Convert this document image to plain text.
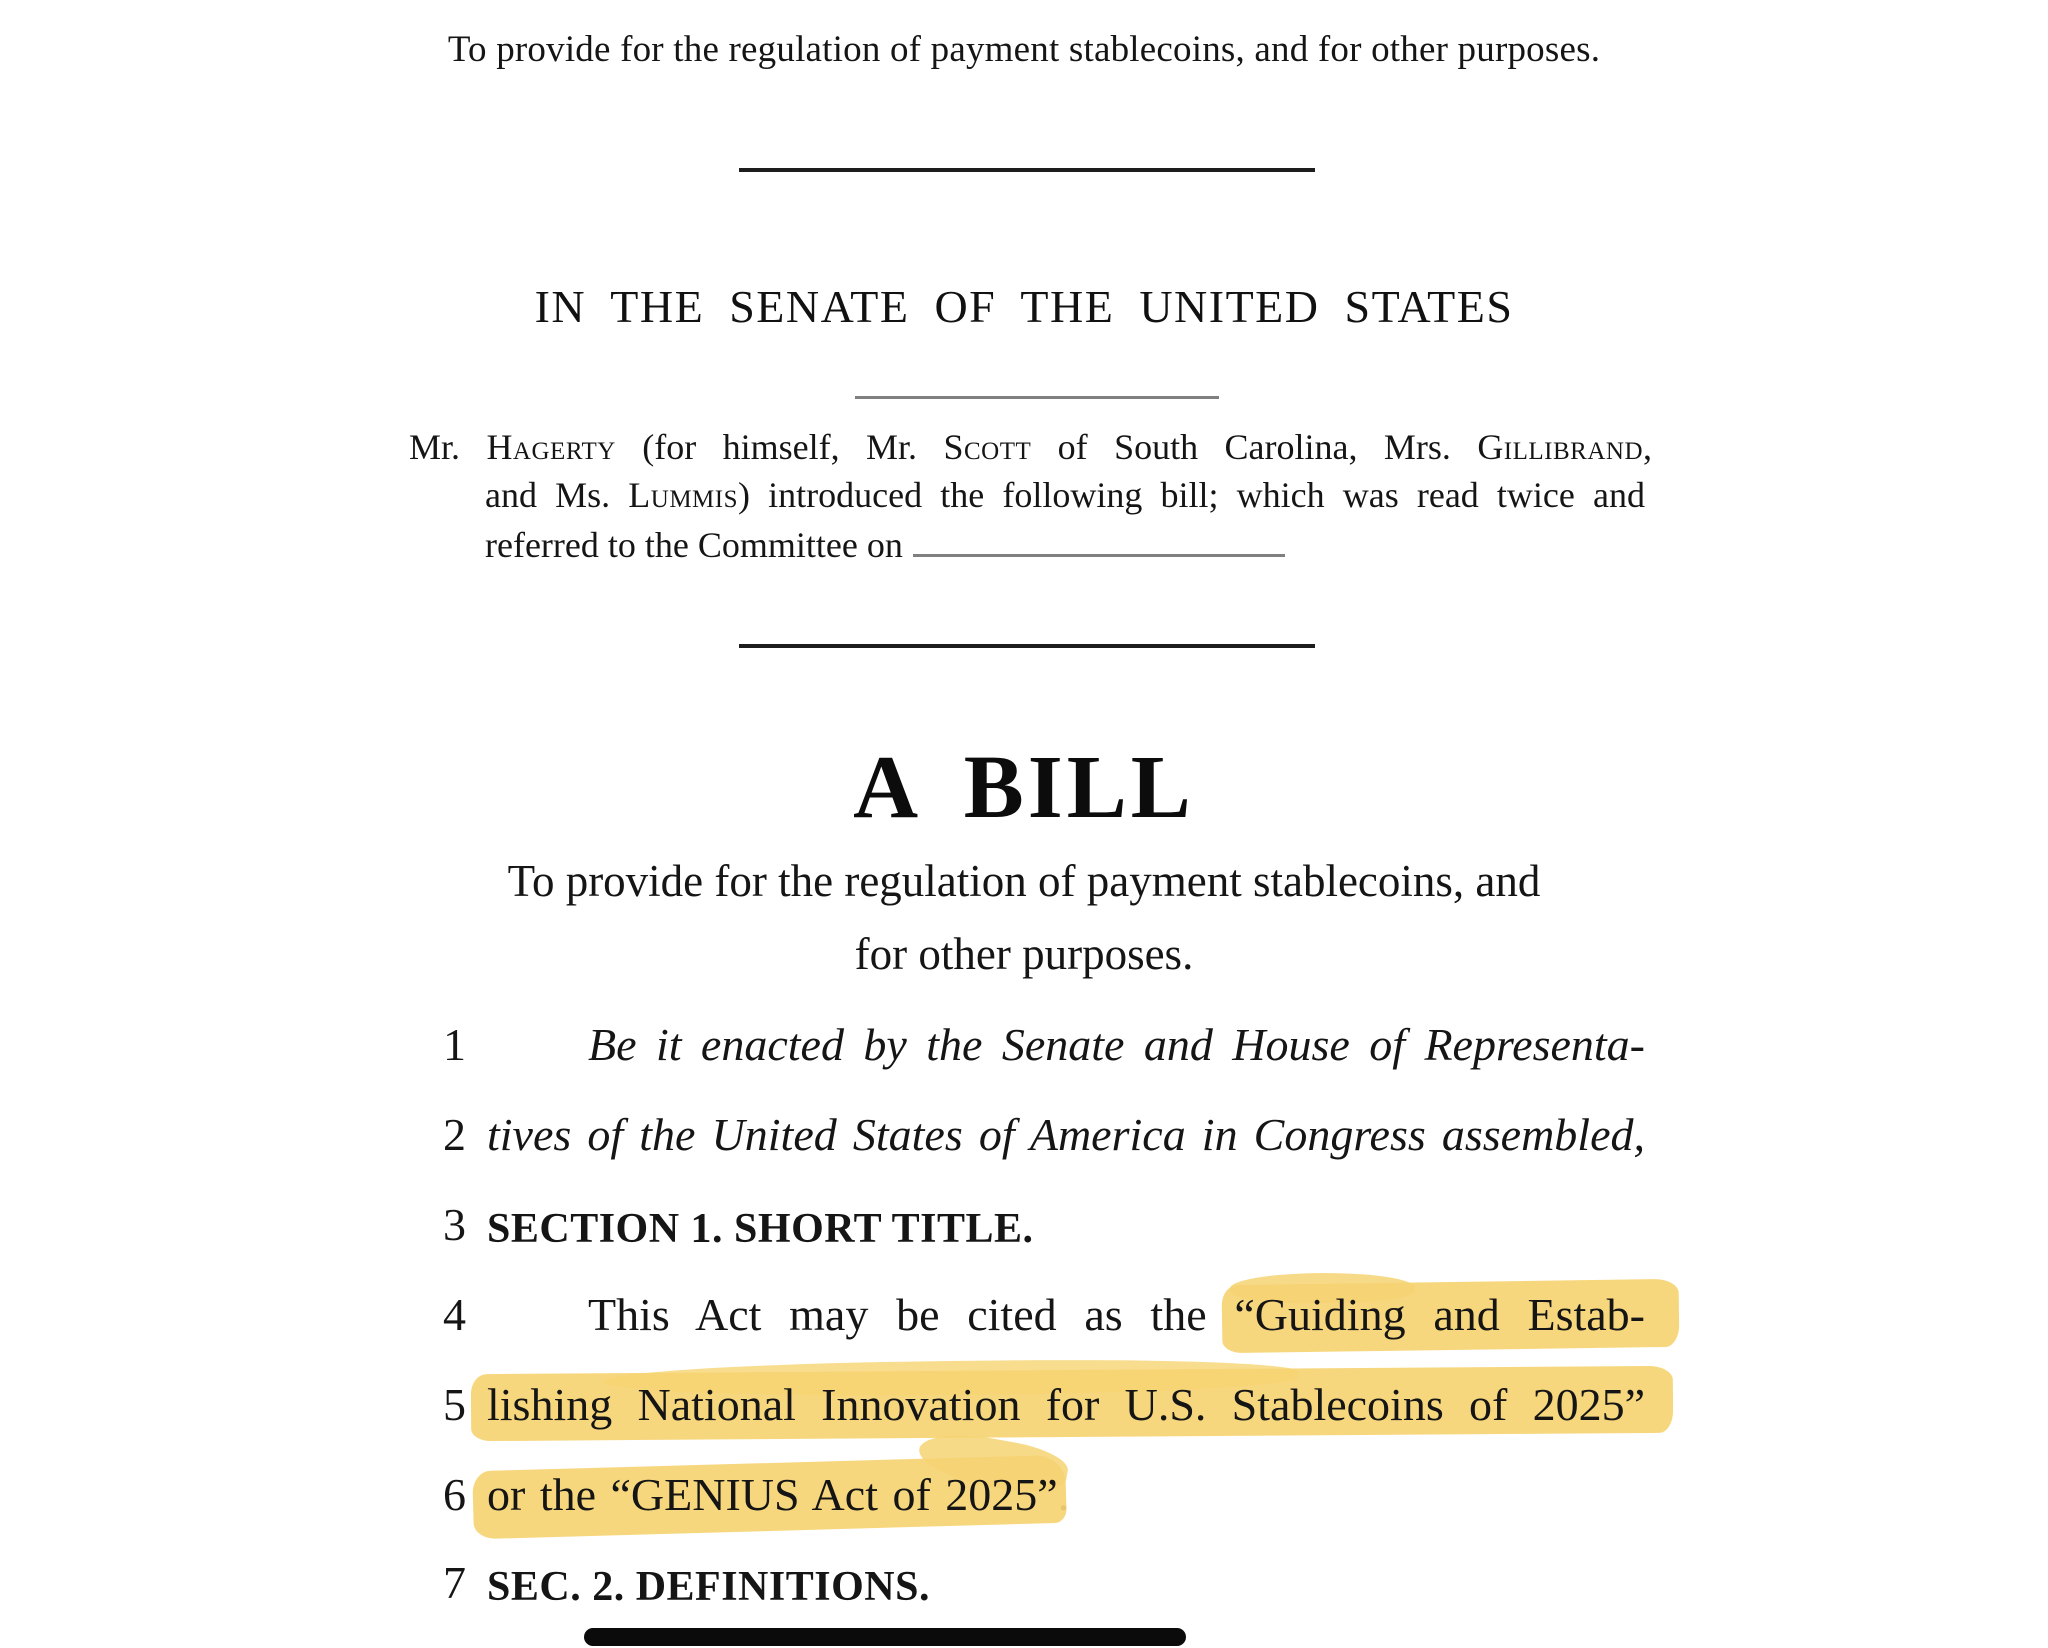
To provide for the regulation of payment stablecoins, and for other purposes.
IN THE SENATE OF THE UNITED STATES
Mr. Hagerty (for himself, Mr. Scott of South Carolina, Mrs. Gillibrand,
and Ms. Lummis) introduced the following bill; which was read twice and
referred to the Committee on
A BILL
To provide for the regulation of payment stablecoins, and
for other purposes.
1	Be it enacted by the Senate and House of Representa-
2 tives of the United States of America in Congress assembled,
3 SECTION 1. SHORT TITLE.
4	This Act may be cited as the “Guiding and Estab-
5 lishing National Innovation for U.S. Stablecoins of 2025”
6 or the “GENIUS Act of 2025”.
7 SEC. 2. DEFINITIONS.
